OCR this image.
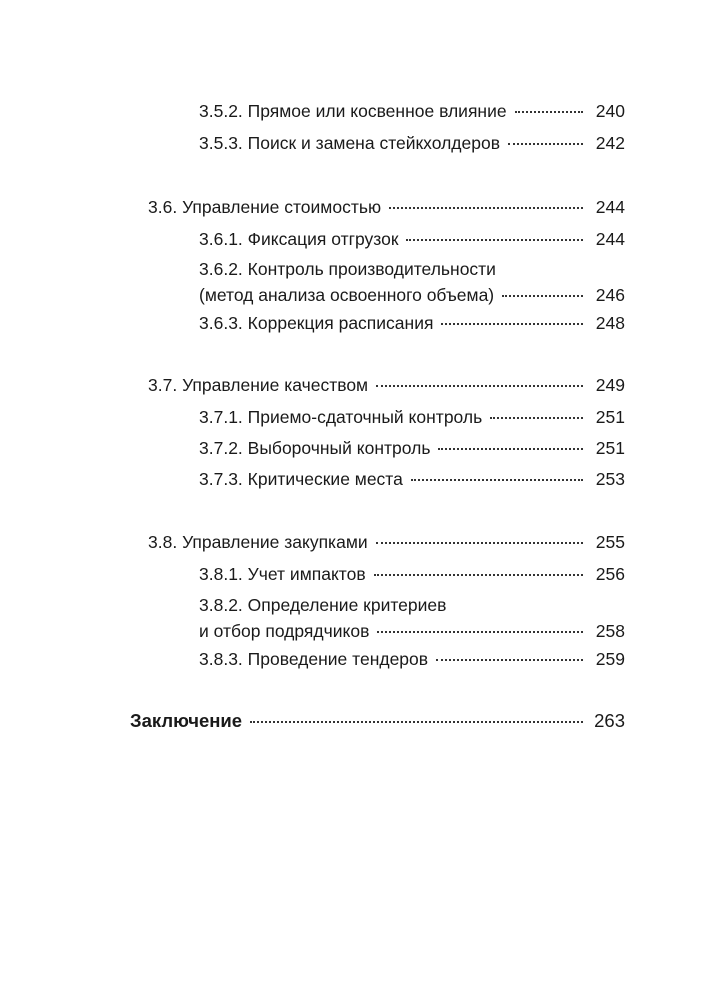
3.5.2. Прямое или косвенное влияние	240
3.5.3. Поиск и замена стейкхолдеров	242
3.6. Управление стоимостью	244
3.6.1. Фиксация отгрузок	244
3.6.2. Контроль производительности
(метод анализа освоенного объема)	246
3.6.3. Коррекция расписания	248
3.7. Управление качеством	249
3.7.1. Приемо-сдаточный контроль	251
3.7.2. Выборочный контроль	251
3.7.3. Критические места	253
3.8. Управление закупками	255
3.8.1. Учет импактов	256
3.8.2. Определение критериев
и отбор подрядчиков	258
3.8.3. Проведение тендеров	259
Заключение	263
